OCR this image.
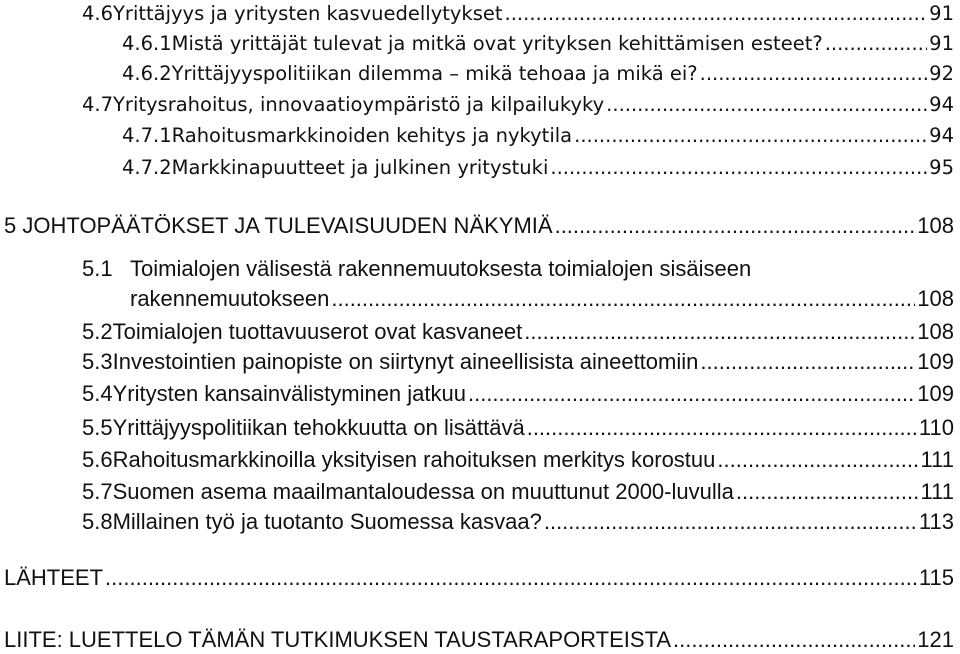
4.6 Yrittäjyys ja yritysten kasvuedellytykset .....	91
4.6.1 Mistä yrittäjät tulevat ja mitkä ovat yrityksen kehittämisen esteet? .....	91
4.6.2 Yrittäjyyspolitiikan dilemma – mikä tehoaa ja mikä ei? .....	92
4.7 Yritysrahoitus, innovaatioympäristö ja kilpailukyky .....	94
4.7.1 Rahoitusmarkkinoiden kehitys ja nykytila .....	94
4.7.2 Markkinapuutteet ja julkinen yritystuki .....	95
5 JOHTOPÄÄTÖKSET JA TULEVAISUUDEN NÄKYMIÄ .....	108
5.1 Toimialojen välisestä rakennemuutoksesta toimialojen sisäiseen
rakennemuutokseen .....	108
5.2 Toimialojen tuottavuuserot ovat kasvaneet .....	108
5.3 Investointien painopiste on siirtynyt aineellisista aineettomiin .....	109
5.4 Yritysten kansainvälistyminen jatkuu .....	109
5.5 Yrittäjyyspolitiikan tehokkuutta on lisättävä .....	110
5.6 Rahoitusmarkkinoilla yksityisen rahoituksen merkitys korostuu .....	111
5.7 Suomen asema maailmantaloudessa on muuttunut 2000-luvulla .....	111
5.8 Millainen työ ja tuotanto Suomessa kasvaa? .....	113
LÄHTEET .....	115
LIITE: LUETTELO TÄMÄN TUTKIMUKSEN TAUSTARAPORTEISTA .....	121
